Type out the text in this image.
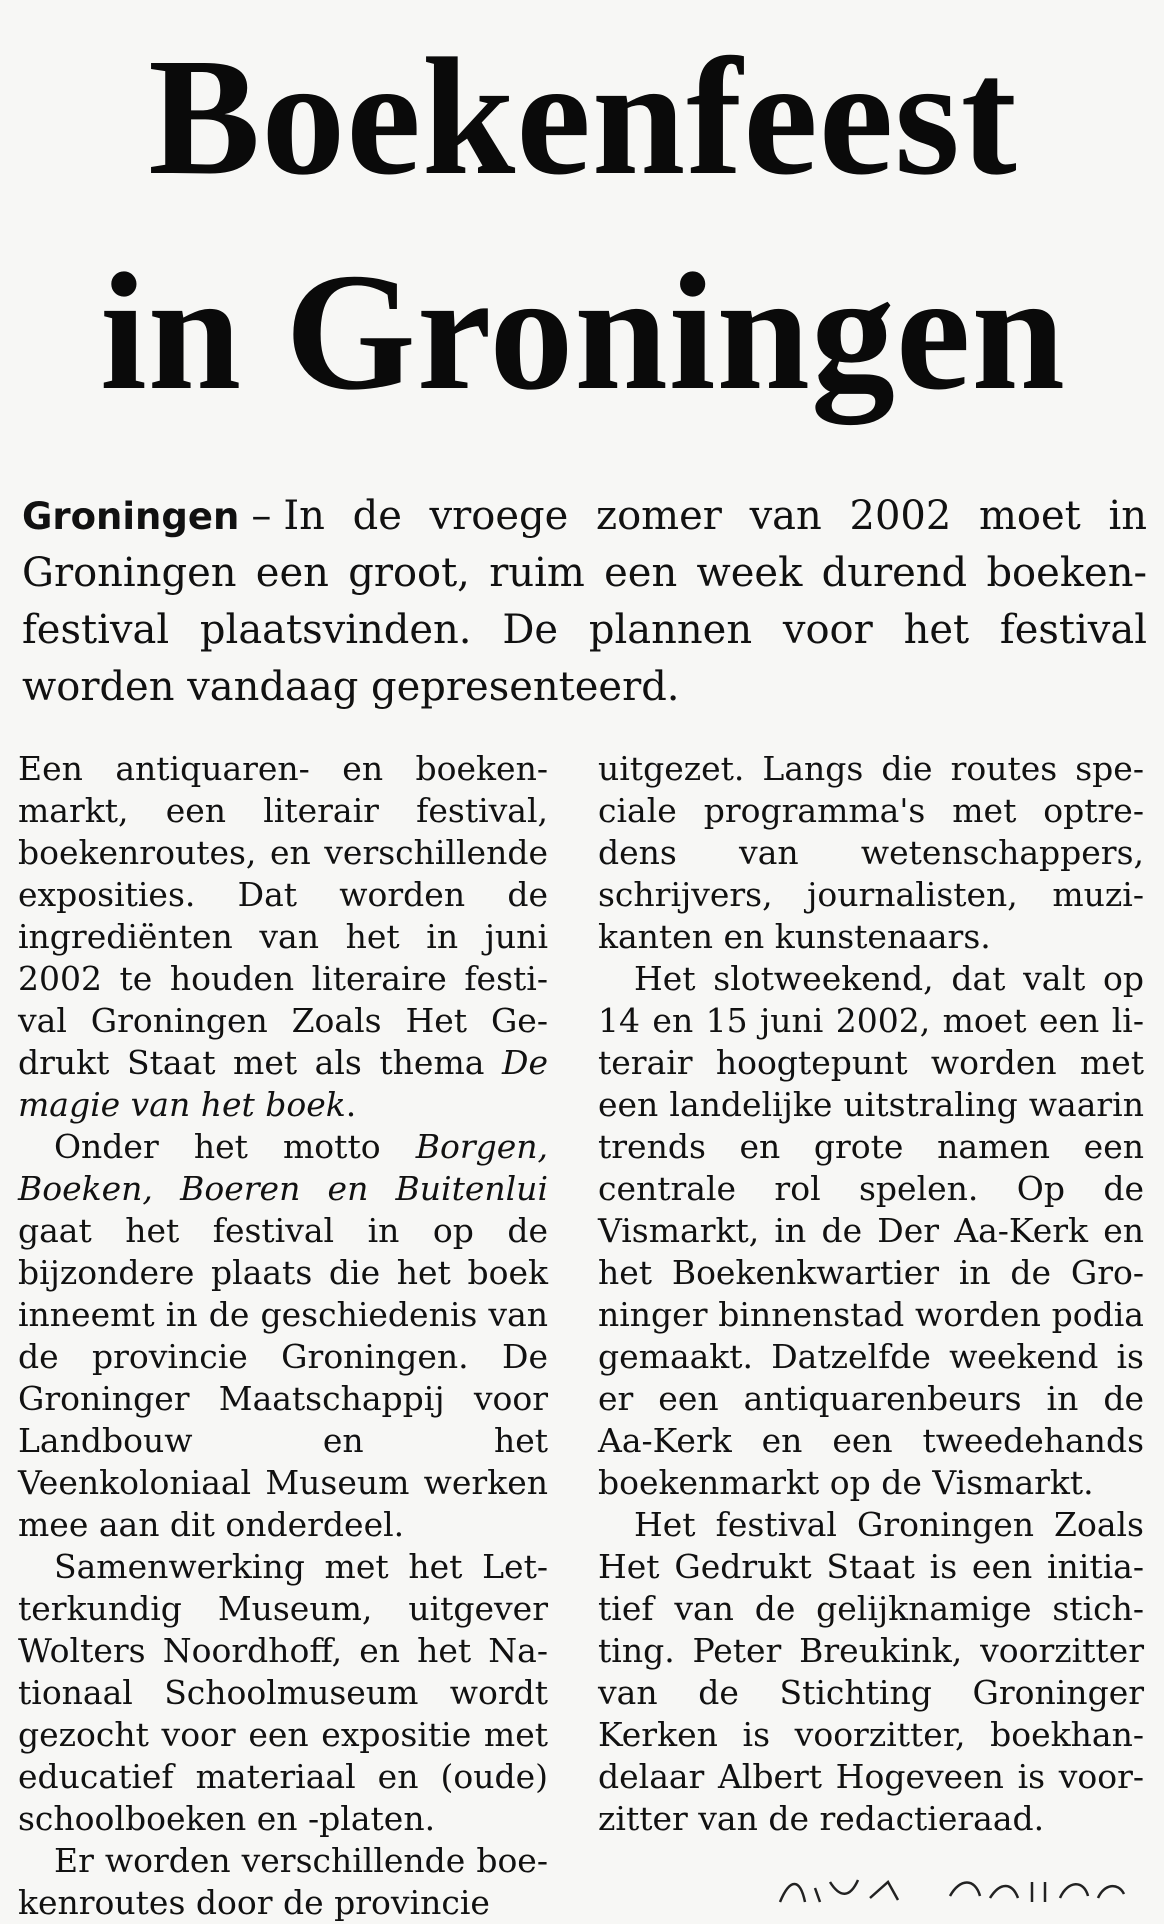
Boekenfeest
in Groningen

Groningen – In de vroege zomer van 2002 moet in Groningen een groot, ruim een week durend boekenfestival plaatsvinden. De plannen voor het festival worden vandaag gepresenteerd.

Een antiquaren- en boekenmarkt, een literair festival, boekenroutes, en verschillende exposities. Dat worden de ingrediënten van het in juni 2002 te houden literaire festival Groningen Zoals Het Gedrukt Staat met als thema De magie van het boek.

Onder het motto Borgen, Boeken, Boeren en Buitenlui gaat het festival in op de bijzondere plaats die het boek inneemt in de geschiedenis van de provincie Groningen. De Groninger Maatschappij voor Landbouw en het Veenkoloniaal Museum werken mee aan dit onderdeel.

Samenwerking met het Letterkundig Museum, uitgever Wolters Noordhoff, en het Nationaal Schoolmuseum wordt gezocht voor een expositie met educatief materiaal en (oude) schoolboeken en -platen.

Er worden verschillende boekenroutes door de provincie

uitgezet. Langs die routes speciale programma's met optredens van wetenschappers, schrijvers, journalisten, muzikanten en kunstenaars.

Het slotweekend, dat valt op 14 en 15 juni 2002, moet een literair hoogtepunt worden met een landelijke uitstraling waarin trends en grote namen een centrale rol spelen. Op de Vismarkt, in de Der Aa-Kerk en het Boekenkwartier in de Groninger binnenstad worden podia gemaakt. Datzelfde weekend is er een antiquarenbeurs in de Aa-Kerk en een tweedehands boekenmarkt op de Vismarkt.

Het festival Groningen Zoals Het Gedrukt Staat is een initiatief van de gelijknamige stichting. Peter Breukink, voorzitter van de Stichting Groninger Kerken is voorzitter, boekhandelaar Albert Hogeveen is voorzitter van de redactieraad.
